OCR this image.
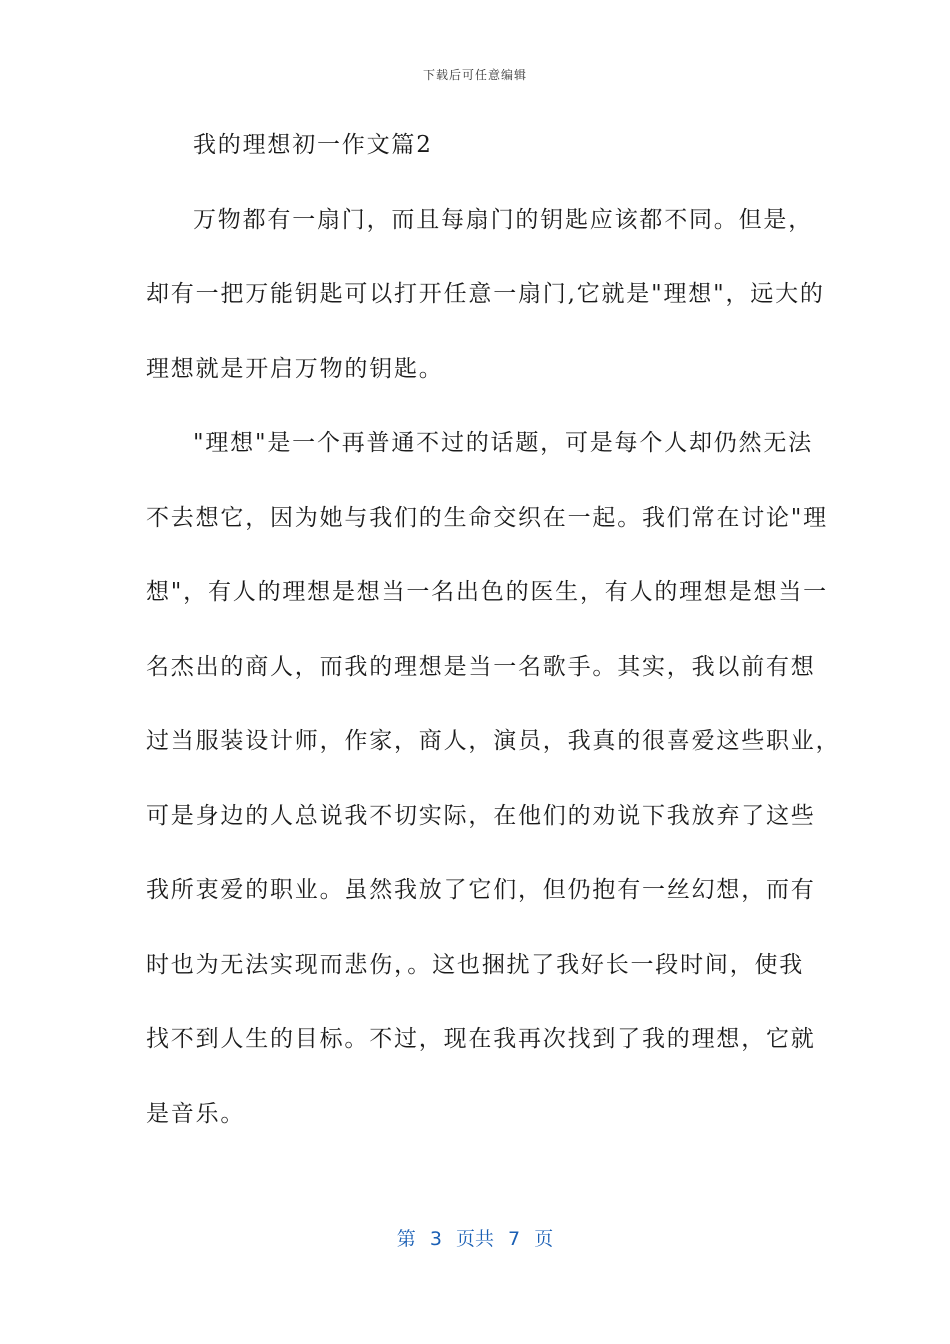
下载后可任意编辑
我的理想初一作文篇2
万物都有一扇门，而且每扇门的钥匙应该都不同。但是，
却有一把万能钥匙可以打开任意一扇门,它就是"理想"，远大的
理想就是开启万物的钥匙。
"理想"是一个再普通不过的话题，可是每个人却仍然无法
不去想它，因为她与我们的生命交织在一起。我们常在讨论"理
想"，有人的理想是想当一名出色的医生，有人的理想是想当一
名杰出的商人，而我的理想是当一名歌手。其实，我以前有想
过当服装设计师，作家，商人，演员，我真的很喜爱这些职业，
可是身边的人总说我不切实际，在他们的劝说下我放弃了这些
我所衷爱的职业。虽然我放了它们，但仍抱有一丝幻想，而有
时也为无法实现而悲伤，。这也捆扰了我好长一段时间，使我
找不到人生的目标。不过，现在我再次找到了我的理想，它就
是音乐。
第 3 页共 7 页
